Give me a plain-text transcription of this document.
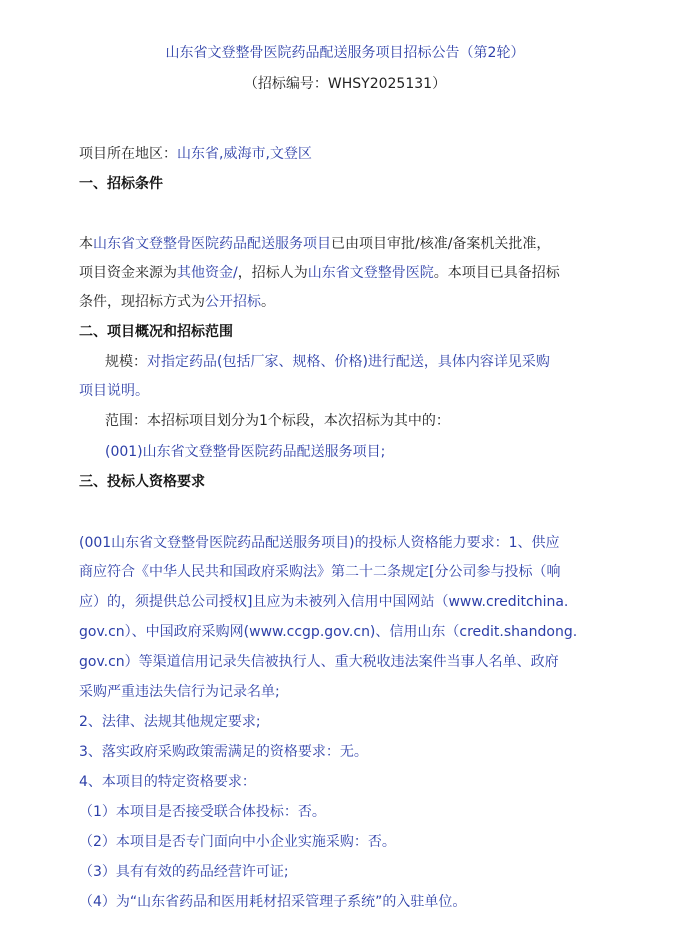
山东省文登整骨医院药品配送服务项目招标公告（第2轮）
（招标编号：WHSY2025131）
项目所在地区：山东省,威海市,文登区
一、招标条件
本山东省文登整骨医院药品配送服务项目已由项目审批/核准/备案机关批准，
项目资金来源为其他资金/，招标人为山东省文登整骨医院。本项目已具备招标
条件，现招标方式为公开招标。
二、项目概况和招标范围
规模：对指定药品(包括厂家、规格、价格)进行配送，具体内容详见采购
项目说明。
范围：本招标项目划分为1个标段，本次招标为其中的：
(001)山东省文登整骨医院药品配送服务项目;
三、投标人资格要求
(001山东省文登整骨医院药品配送服务项目)的投标人资格能力要求：1、供应
商应符合《中华人民共和国政府采购法》第二十二条规定[分公司参与投标（响
应）的，须提供总公司授权]且应为未被列入信用中国网站（www.creditchina.
gov.cn）、中国政府采购网(www.ccgp.gov.cn)、信用山东（credit.shandong.
gov.cn）等渠道信用记录失信被执行人、重大税收违法案件当事人名单、政府
采购严重违法失信行为记录名单;
2、法律、法规其他规定要求;
3、落实政府采购政策需满足的资格要求：无。
4、本项目的特定资格要求：
（1）本项目是否接受联合体投标：否。
（2）本项目是否专门面向中小企业实施采购：否。
（3）具有有效的药品经营许可证;
（4）为“山东省药品和医用耗材招采管理子系统”的入驻单位。
